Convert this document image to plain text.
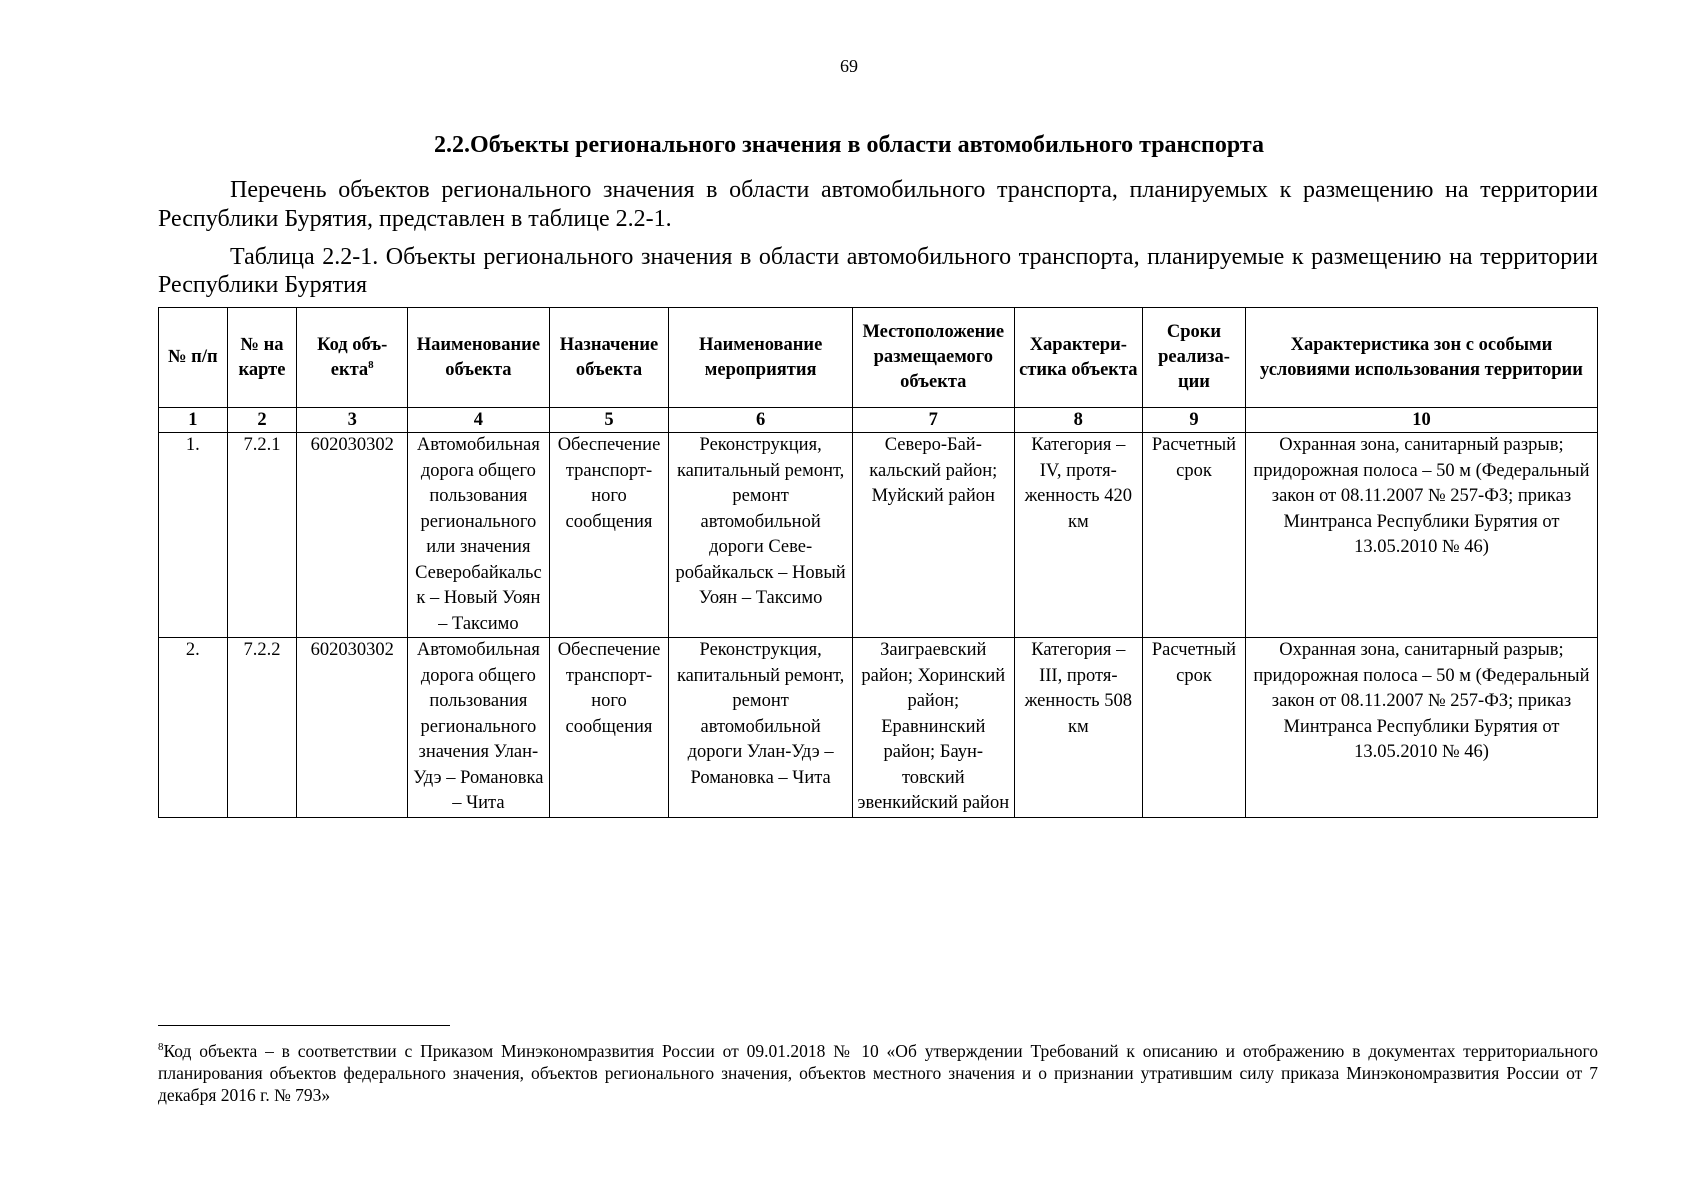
69
2.2.Объекты регионального значения в области автомобильного транспорта
Перечень объектов регионального значения в области автомобильного транспорта, планируемых к размещению на территории Республики Бурятия, представлен в таблице 2.2-1.
Таблица 2.2-1. Объекты регионального значения в области автомобильного транспорта, планируемые к размещению на территории Республики Бурятия
№ п/п	№ на карте	Код объекта$^8$	Наименование объекта	Назначение объекта	Наименование мероприятия	Местоположение размещаемого объекта	Характеристика объекта	Сроки реализации	Характеристика зон с особыми условиями использования территории
1	2	3	4	5	6	7	8	9	10
1.	7.2.1	602030302	Автомобильная дорога общего пользования регионального или значения Северобайкальс к – Новый Уоян – Таксимо	Обеспечение транспортного сообщения	Реконструкция, капитальный ремонт, ремонт автомобильной дороги Северобайкальск – Новый Уоян – Таксимо	Северо-Байкальский район; Муйский район	Категория – IV, протяженность 420 км	Расчетный срок	Охранная зона, санитарный разрыв; придорожная полоса – 50 м (Федеральный закон от 08.11.2007 № 257-ФЗ; приказ Минтранса Республики Бурятия от 13.05.2010 № 46)
2.	7.2.2	602030302	Автомобильная дорога общего пользования регионального значения Улан-Удэ – Романовка – Чита	Обеспечение транспортного сообщения	Реконструкция, капитальный ремонт, ремонт автомобильной дороги Улан-Удэ – Романовка – Чита	Заиграевский район; Хоринский район; Еравнинский район; Баунтовский эвенкийский район	Категория – III, протяженность 508 км	Расчетный срок	Охранная зона, санитарный разрыв; придорожная полоса – 50 м (Федеральный закон от 08.11.2007 № 257-ФЗ; приказ Минтранса Республики Бурятия от 13.05.2010 № 46)
$^8$Код объекта – в соответствии с Приказом Минэкономразвития России от 09.01.2018 № 10 «Об утверждении Требований к описанию и отображению в документах территориального планирования объектов федерального значения, объектов регионального значения, объектов местного значения и о признании утратившим силу приказа Минэкономразвития России от 7 декабря 2016 г. № 793»
